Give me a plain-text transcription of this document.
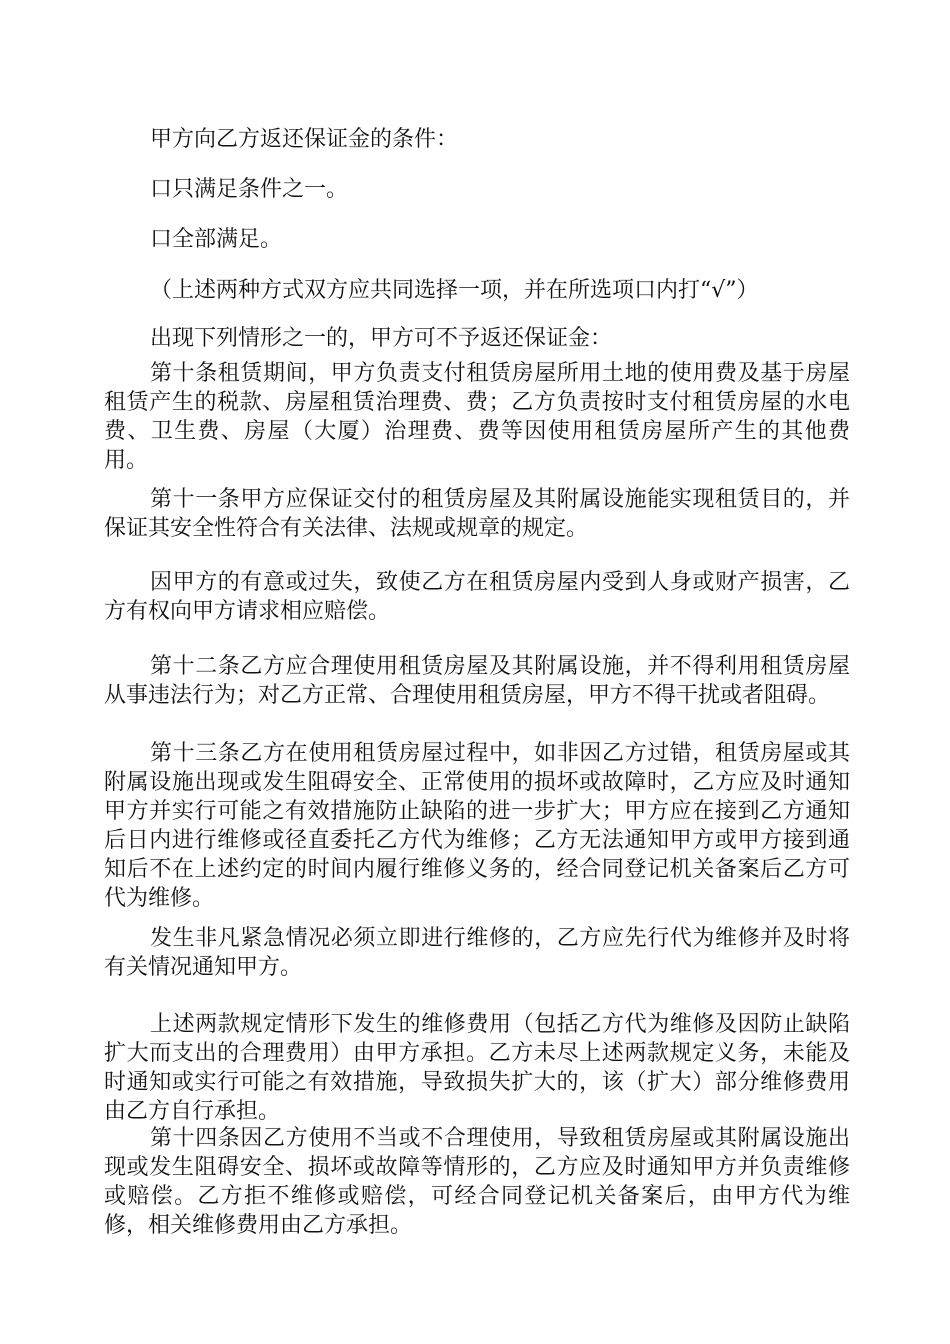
甲方向乙方返还保证金的条件：
口只满足条件之一。
口全部满足。
（上述两种方式双方应共同选择一项，并在所选项口内打“√”）
出现下列情形之一的，甲方可不予返还保证金：

第十条租赁期间，甲方负责支付租赁房屋所用土地的使用费及基于房屋租赁产生的税款、房屋租赁治理费、费；乙方负责按时支付租赁房屋的水电费、卫生费、房屋（大厦）治理费、费等因使用租赁房屋所产生的其他费用。

第十一条甲方应保证交付的租赁房屋及其附属设施能实现租赁目的，并保证其安全性符合有关法律、法规或规章的规定。

因甲方的有意或过失，致使乙方在租赁房屋内受到人身或财产损害，乙方有权向甲方请求相应赔偿。

第十二条乙方应合理使用租赁房屋及其附属设施，并不得利用租赁房屋从事违法行为；对乙方正常、合理使用租赁房屋，甲方不得干扰或者阻碍。

第十三条乙方在使用租赁房屋过程中，如非因乙方过错，租赁房屋或其附属设施出现或发生阻碍安全、正常使用的损坏或故障时，乙方应及时通知甲方并实行可能之有效措施防止缺陷的进一步扩大；甲方应在接到乙方通知后日内进行维修或径直委托乙方代为维修；乙方无法通知甲方或甲方接到通知后不在上述约定的时间内履行维修义务的，经合同登记机关备案后乙方可代为维修。

发生非凡紧急情况必须立即进行维修的，乙方应先行代为维修并及时将有关情况通知甲方。

上述两款规定情形下发生的维修费用（包括乙方代为维修及因防止缺陷扩大而支出的合理费用）由甲方承担。乙方未尽上述两款规定义务，未能及时通知或实行可能之有效措施，导致损失扩大的，该（扩大）部分维修费用由乙方自行承担。

第十四条因乙方使用不当或不合理使用，导致租赁房屋或其附属设施出现或发生阻碍安全、损坏或故障等情形的，乙方应及时通知甲方并负责维修或赔偿。乙方拒不维修或赔偿，可经合同登记机关备案后，由甲方代为维修，相关维修费用由乙方承担。
